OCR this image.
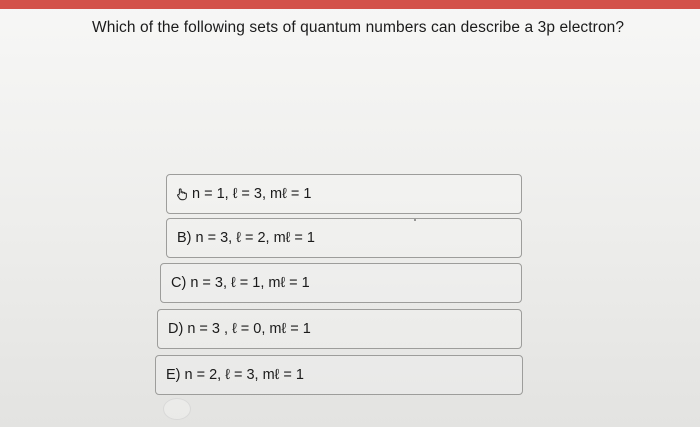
Which of the following sets of quantum numbers can describe a 3p electron?
n = 1, ℓ = 3, mℓ = 1
B) n = 3, ℓ = 2, mℓ = 1
C) n = 3, ℓ = 1, mℓ = 1
D) n = 3 , ℓ = 0, mℓ = 1
E) n = 2, ℓ = 3, mℓ = 1
